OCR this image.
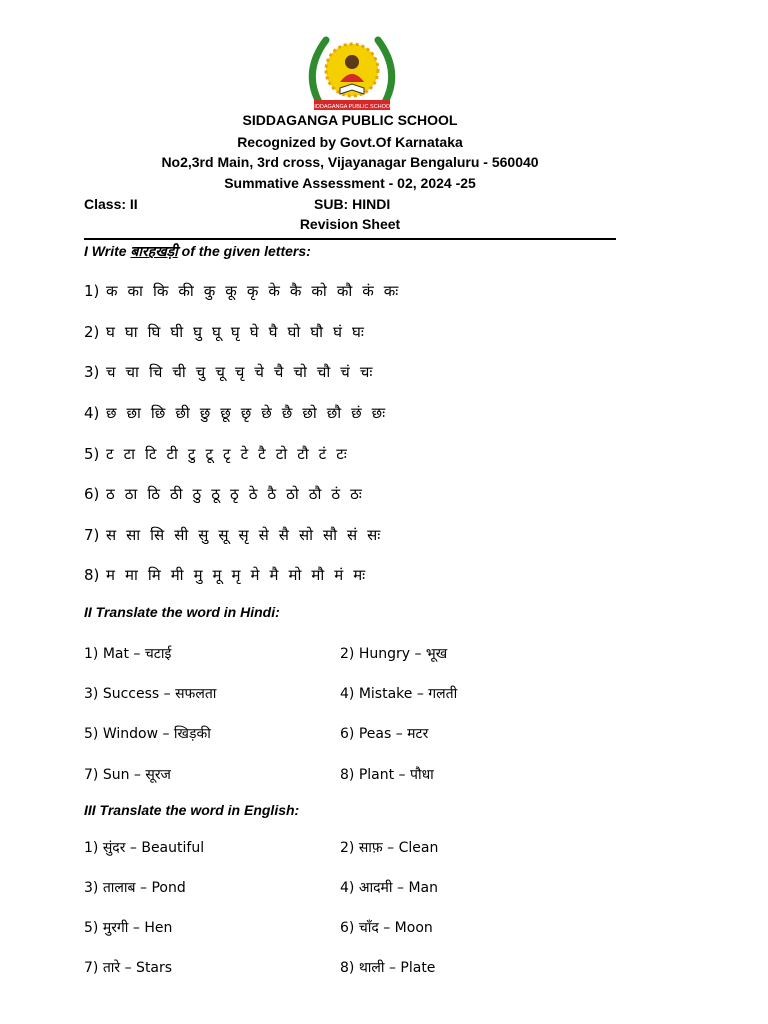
SIDDAGANGA PUBLIC SCHOOL
SIDDAGANGA PUBLIC SCHOOL
Recognized by Govt.Of Karnataka
No2,3rd Main, 3rd cross, Vijayanagar Bengaluru - 560040
Summative Assessment - 02, 2024 -25
Class: II	SUB: HINDI
Revision Sheet
I Write बारहखड़ी of the given letters:
1) क का कि की कु कू कृ के कै को कौ कं कः
2) घ घा घि घी घु घू घृ घे घै घो घौ घं घः
3) च चा चि ची चु चू चृ चे चै चो चौ चं चः
4) छ छा छि छी छु छू छृ छे छै छो छौ छं छः
5) ट टा टि टी टु टू टृ टे टै टो टौ टं टः
6) ठ ठा ठि ठी ठु ठू ठृ ठे ठै ठो ठौ ठं ठः
7) स सा सि सी सु सू सृ से सै सो सौ सं सः
8) म मा मि मी मु मू मृ मे मै मो मौ मं मः
II Translate the word in Hindi:
1) Mat – चटाई	2) Hungry – भूख
3) Success – सफलता	4) Mistake – गलती
5) Window – खिड़की	6) Peas – मटर
7) Sun – सूरज	8) Plant – पौधा
III Translate the word in English:
1) सुंदर – Beautiful	2) साफ़ – Clean
3) तालाब – Pond	4) आदमी – Man
5) मुरगी – Hen	6) चाँद – Moon
7) तारे – Stars	8) थाली – Plate
